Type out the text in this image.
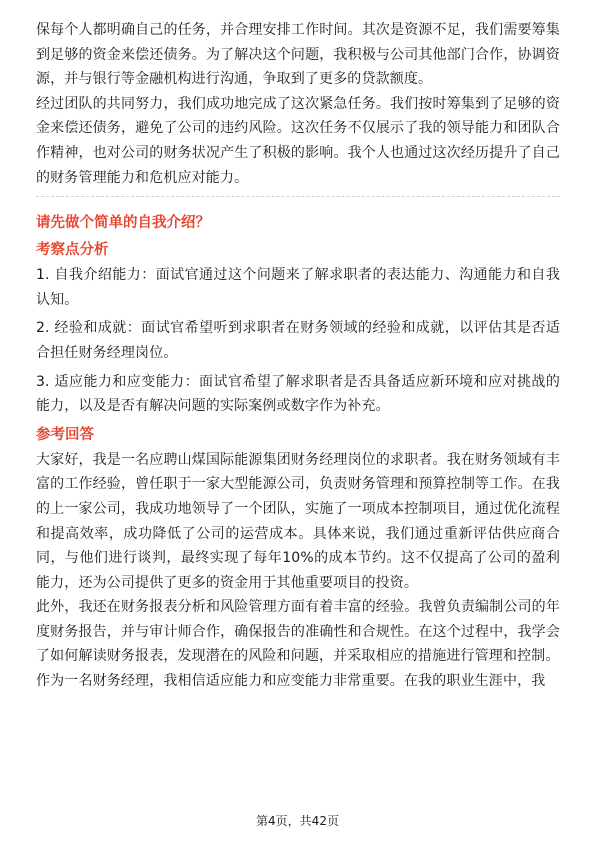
保每个人都明确自己的任务，并合理安排工作时间。其次是资源不足，我们需要筹集到足够的资金来偿还债务。为了解决这个问题，我积极与公司其他部门合作，协调资源，并与银行等金融机构进行沟通，争取到了更多的贷款额度。

经过团队的共同努力，我们成功地完成了这次紧急任务。我们按时筹集到了足够的资金来偿还债务，避免了公司的违约风险。这次任务不仅展示了我的领导能力和团队合作精神，也对公司的财务状况产生了积极的影响。我个人也通过这次经历提升了自己的财务管理能力和危机应对能力。

请先做个简单的自我介绍？
考察点分析

1. 自我介绍能力：面试官通过这个问题来了解求职者的表达能力、沟通能力和自我认知。

2. 经验和成就：面试官希望听到求职者在财务领域的经验和成就，以评估其是否适合担任财务经理岗位。

3. 适应能力和应变能力：面试官希望了解求职者是否具备适应新环境和应对挑战的能力，以及是否有解决问题的实际案例或数字作为补充。

参考回答

大家好，我是一名应聘山煤国际能源集团财务经理岗位的求职者。我在财务领域有丰富的工作经验，曾任职于一家大型能源公司，负责财务管理和预算控制等工作。在我的上一家公司，我成功地领导了一个团队，实施了一项成本控制项目，通过优化流程和提高效率，成功降低了公司的运营成本。具体来说，我们通过重新评估供应商合同，与他们进行谈判，最终实现了每年10%的成本节约。这不仅提高了公司的盈利能力，还为公司提供了更多的资金用于其他重要项目的投资。

此外，我还在财务报表分析和风险管理方面有着丰富的经验。我曾负责编制公司的年度财务报告，并与审计师合作，确保报告的准确性和合规性。在这个过程中，我学会了如何解读财务报表，发现潜在的风险和问题，并采取相应的措施进行管理和控制。

作为一名财务经理，我相信适应能力和应变能力非常重要。在我的职业生涯中，我

第4页，共42页
